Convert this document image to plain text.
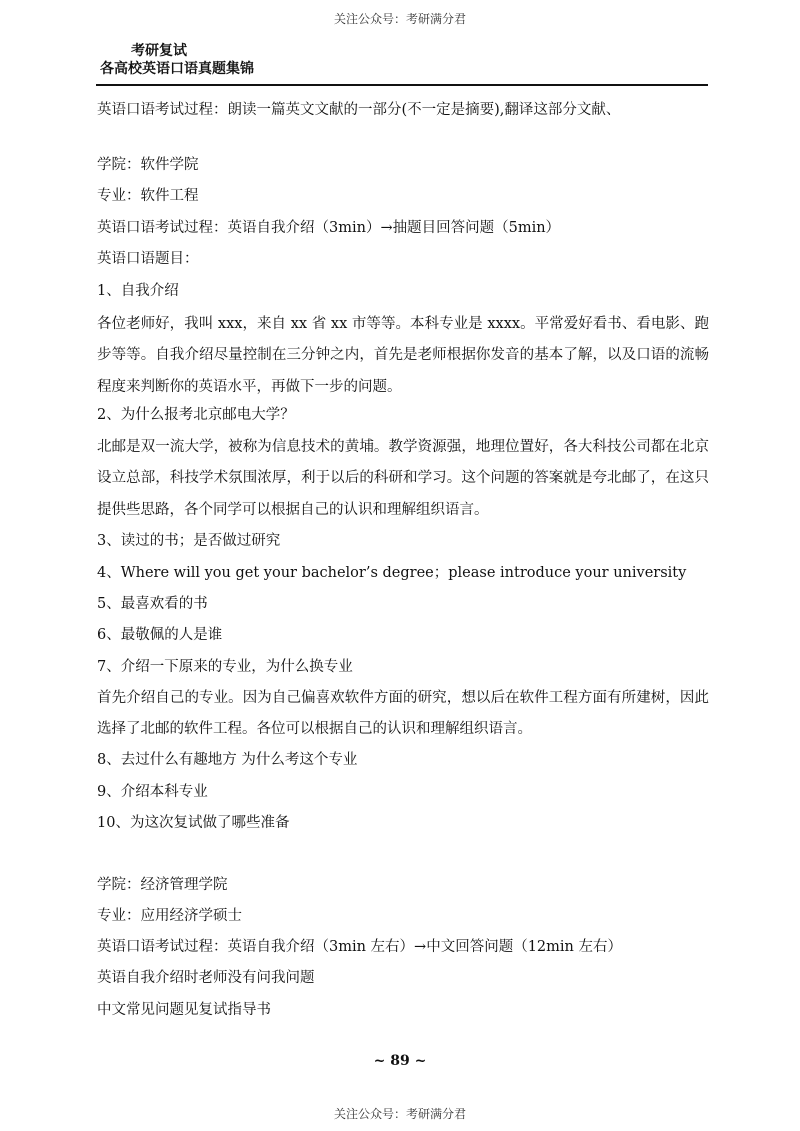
关注公众号：考研满分君
考研复试
各高校英语口语真题集锦
英语口语考试过程：朗读一篇英文文献的一部分(不一定是摘要),翻译这部分文献、
学院：软件学院
专业：软件工程
英语口语考试过程：英语自我介绍（3min）→抽题目回答问题（5min）
英语口语题目：
1、自我介绍
各位老师好，我叫 xxx，来自 xx 省 xx 市等等。本科专业是 xxxx。平常爱好看书、看电影、跑步等等。自我介绍尽量控制在三分钟之内，首先是老师根据你发音的基本了解，以及口语的流畅程度来判断你的英语水平，再做下一步的问题。
2、为什么报考北京邮电大学？
北邮是双一流大学，被称为信息技术的黄埔。教学资源强，地理位置好，各大科技公司都在北京设立总部，科技学术氛围浓厚，利于以后的科研和学习。这个问题的答案就是夸北邮了，在这只提供些思路，各个同学可以根据自己的认识和理解组织语言。
3、读过的书；是否做过研究
4、Where will you get your bachelor’s degree；please introduce your university
5、最喜欢看的书
6、最敬佩的人是谁
7、介绍一下原来的专业，为什么换专业
首先介绍自己的专业。因为自己偏喜欢软件方面的研究，想以后在软件工程方面有所建树，因此选择了北邮的软件工程。各位可以根据自己的认识和理解组织语言。
8、去过什么有趣地方 为什么考这个专业
9、介绍本科专业
10、为这次复试做了哪些准备
学院：经济管理学院
专业：应用经济学硕士
英语口语考试过程：英语自我介绍（3min 左右）→中文回答问题（12min 左右）
英语自我介绍时老师没有问我问题
中文常见问题见复试指导书
~ 89 ~
关注公众号：考研满分君
